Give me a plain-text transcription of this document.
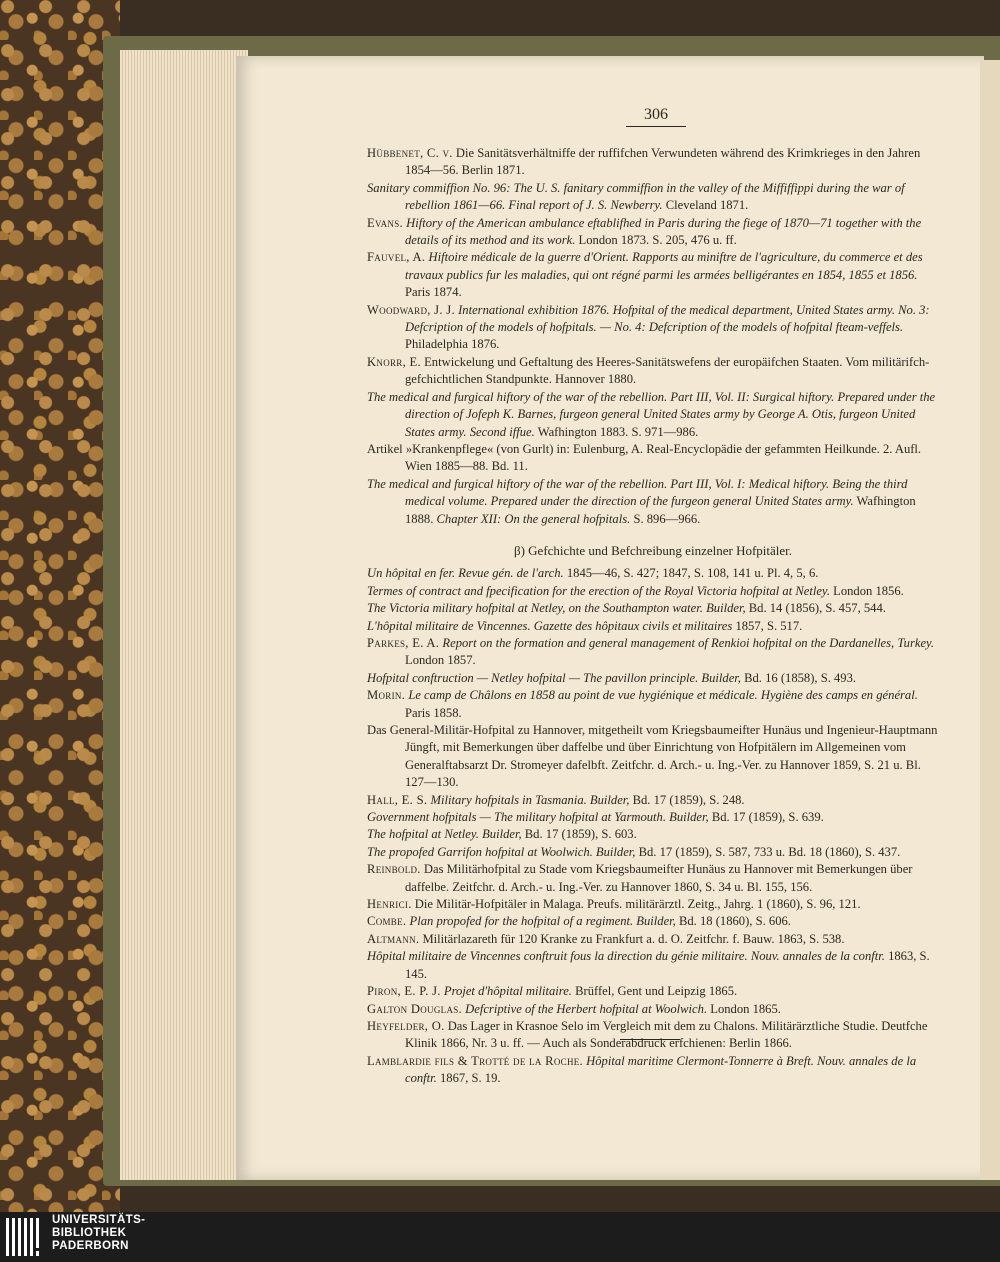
306

Hübbenet, C. v. Die Sanitätsverhältniffe der ruffifchen Verwundeten während des Krimkrieges in den Jahren 1854—56. Berlin 1871.

Sanitary commiffion No. 96: The U. S. fanitary commiffion in the valley of the Miffiffippi during the war of rebellion 1861—66. Final report of J. S. Newberry. Cleveland 1871.

Evans. Hiftory of the American ambulance eftablifhed in Paris during the fiege of 1870—71 together with the details of its method and its work. London 1873. S. 205, 476 u. ff.

Fauvel, A. Hiftoire médicale de la guerre d'Orient. Rapports au miniftre de l'agriculture, du commerce et des travaux publics fur les maladies, qui ont régné parmi les armées belligérantes en 1854, 1855 et 1856. Paris 1874.

Woodward, J. J. International exhibition 1876. Hofpital of the medical department, United States army. No. 3: Defcription of the models of hofpitals. — No. 4: Defcription of the models of hofpital fteam-veffels. Philadelphia 1876.

Knorr, E. Entwickelung und Geftaltung des Heeres-Sanitätswefens der europäifchen Staaten. Vom militärifch-gefchichtlichen Standpunkte. Hannover 1880.

The medical and furgical hiftory of the war of the rebellion. Part III, Vol. II: Surgical hiftory. Prepared under the direction of Jofeph K. Barnes, furgeon general United States army by George A. Otis, furgeon United States army. Second iffue. Wafhington 1883. S. 971—986.

Artikel »Krankenpflege« (von Gurlt) in: Eulenburg, A. Real-Encyclopädie der gefammten Heilkunde. 2. Aufl. Wien 1885—88. Bd. 11.

The medical and furgical hiftory of the war of the rebellion. Part III, Vol. I: Medical hiftory. Being the third medical volume. Prepared under the direction of the furgeon general United States army. Wafhington 1888. Chapter XII: On the general hofpitals. S. 896—966.

β) Gefchichte und Befchreibung einzelner Hofpitäler.

Un hôpital en fer. Revue gén. de l'arch. 1845—46, S. 427; 1847, S. 108, 141 u. Pl. 4, 5, 6.

Termes of contract and fpecification for the erection of the Royal Victoria hofpital at Netley. London 1856.

The Victoria military hofpital at Netley, on the Southampton water. Builder, Bd. 14 (1856), S. 457, 544.

L'hôpital militaire de Vincennes. Gazette des hôpitaux civils et militaires 1857, S. 517.

Parkes, E. A. Report on the formation and general management of Renkioi hofpital on the Dardanelles, Turkey. London 1857.

Hofpital conftruction — Netley hofpital — The pavillon principle. Builder, Bd. 16 (1858), S. 493.

Morin. Le camp de Châlons en 1858 au point de vue hygiénique et médicale. Hygiène des camps en général. Paris 1858.

Das General-Militär-Hofpital zu Hannover, mitgetheilt vom Kriegsbaumeifter Hunäus und Ingenieur-Hauptmann Jüngft, mit Bemerkungen über daffelbe und über Einrichtung von Hofpitälern im Allgemeinen vom Generalftabsarzt Dr. Stromeyer dafelbft. Zeitfchr. d. Arch.- u. Ing.-Ver. zu Hannover 1859, S. 21 u. Bl. 127—130.

Hall, E. S. Military hofpitals in Tasmania. Builder, Bd. 17 (1859), S. 248.

Government hofpitals — The military hofpital at Yarmouth. Builder, Bd. 17 (1859), S. 639.

The hofpital at Netley. Builder, Bd. 17 (1859), S. 603.

The propofed Garrifon hofpital at Woolwich. Builder, Bd. 17 (1859), S. 587, 733 u. Bd. 18 (1860), S. 437.

Reinbold. Das Militärhofpital zu Stade vom Kriegsbaumeifter Hunäus zu Hannover mit Bemerkungen über daffelbe. Zeitfchr. d. Arch.- u. Ing.-Ver. zu Hannover 1860, S. 34 u. Bl. 155, 156.

Henrici. Die Militär-Hofpitäler in Malaga. Preufs. militärärztl. Zeitg., Jahrg. 1 (1860), S. 96, 121.

Combe. Plan propofed for the hofpital of a regiment. Builder, Bd. 18 (1860), S. 606.

Altmann. Militärlazareth für 120 Kranke zu Frankfurt a. d. O. Zeitfchr. f. Bauw. 1863, S. 538.

Hôpital militaire de Vincennes conftruit fous la direction du génie militaire. Nouv. annales de la conftr. 1863, S. 145.

Piron, E. P. J. Projet d'hôpital militaire. Brüffel, Gent und Leipzig 1865.

Galton Douglas. Defcriptive of the Herbert hofpital at Woolwich. London 1865.

Heyfelder, O. Das Lager in Krasnoe Selo im Vergleich mit dem zu Chalons. Militärärztliche Studie. Deutfche Klinik 1866, Nr. 3 u. ff. — Auch als Sonderabdruck erfchienen: Berlin 1866.

Lamblardie fils & Trotté de la Roche. Hôpital maritime Clermont-Tonnerre à Breft. Nouv. annales de la conftr. 1867, S. 19.

UNIVERSITÄTS-
BIBLIOTHEK
PADERBORN
